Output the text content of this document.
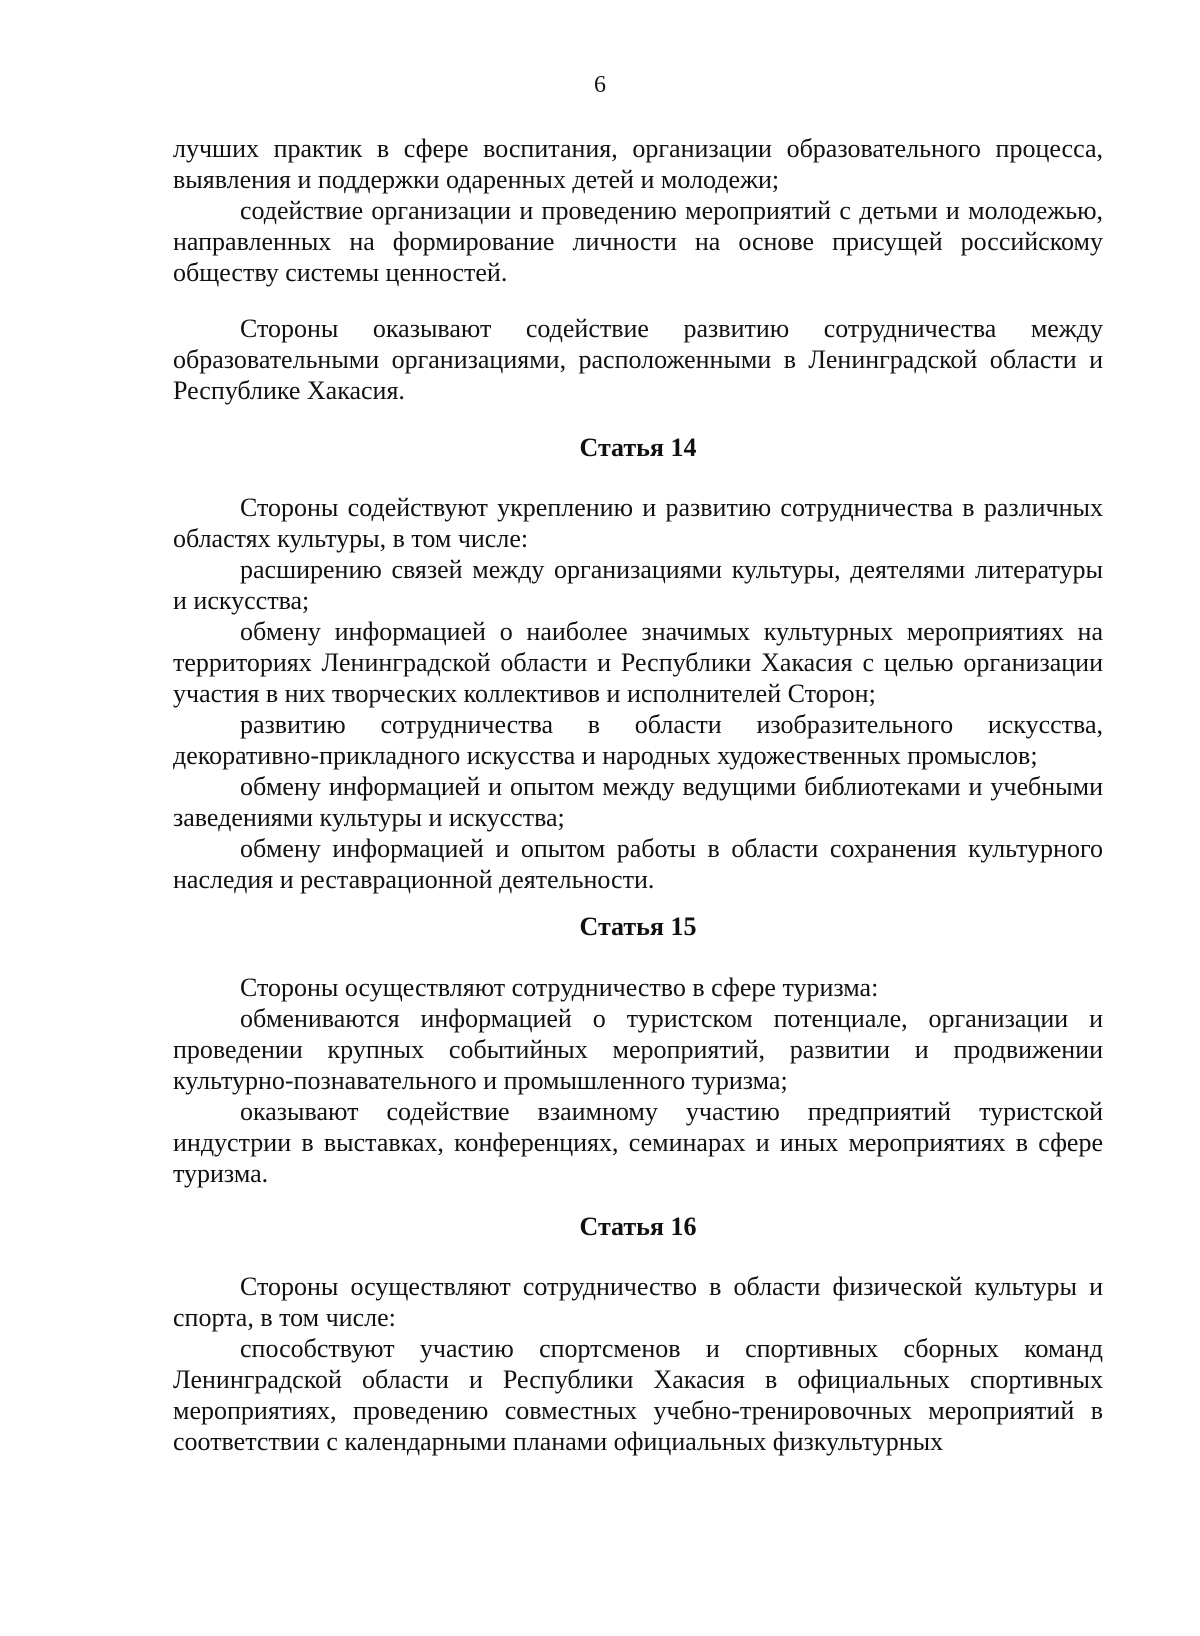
6

лучших практик в сфере воспитания, организации образовательного процесса, выявления и поддержки одаренных детей и молодежи;

содействие организации и проведению мероприятий с детьми и молодежью, направленных на формирование личности на основе присущей российскому обществу системы ценностей.

Стороны оказывают содействие развитию сотрудничества между образовательными организациями, расположенными в Ленинградской области и Республике Хакасия.

Статья 14

Стороны содействуют укреплению и развитию сотрудничества в различных областях культуры, в том числе:

расширению связей между организациями культуры, деятелями литературы и искусства;

обмену информацией о наиболее значимых культурных мероприятиях на территориях Ленинградской области и Республики Хакасия с целью организации участия в них творческих коллективов и исполнителей Сторон;

развитию сотрудничества в области изобразительного искусства, декоративно-прикладного искусства и народных художественных промыслов;

обмену информацией и опытом между ведущими библиотеками и учебными заведениями культуры и искусства;

обмену информацией и опытом работы в области сохранения культурного наследия и реставрационной деятельности.

Статья 15

Стороны осуществляют сотрудничество в сфере туризма:

обмениваются информацией о туристском потенциале, организации и проведении крупных событийных мероприятий, развитии и продвижении культурно-познавательного и промышленного туризма;

оказывают содействие взаимному участию предприятий туристской индустрии в выставках, конференциях, семинарах и иных мероприятиях в сфере туризма.

Статья 16

Стороны осуществляют сотрудничество в области физической культуры и спорта, в том числе:

способствуют участию спортсменов и спортивных сборных команд Ленинградской области и Республики Хакасия в официальных спортивных мероприятиях, проведению совместных учебно-тренировочных мероприятий в соответствии с календарными планами официальных физкультурных
